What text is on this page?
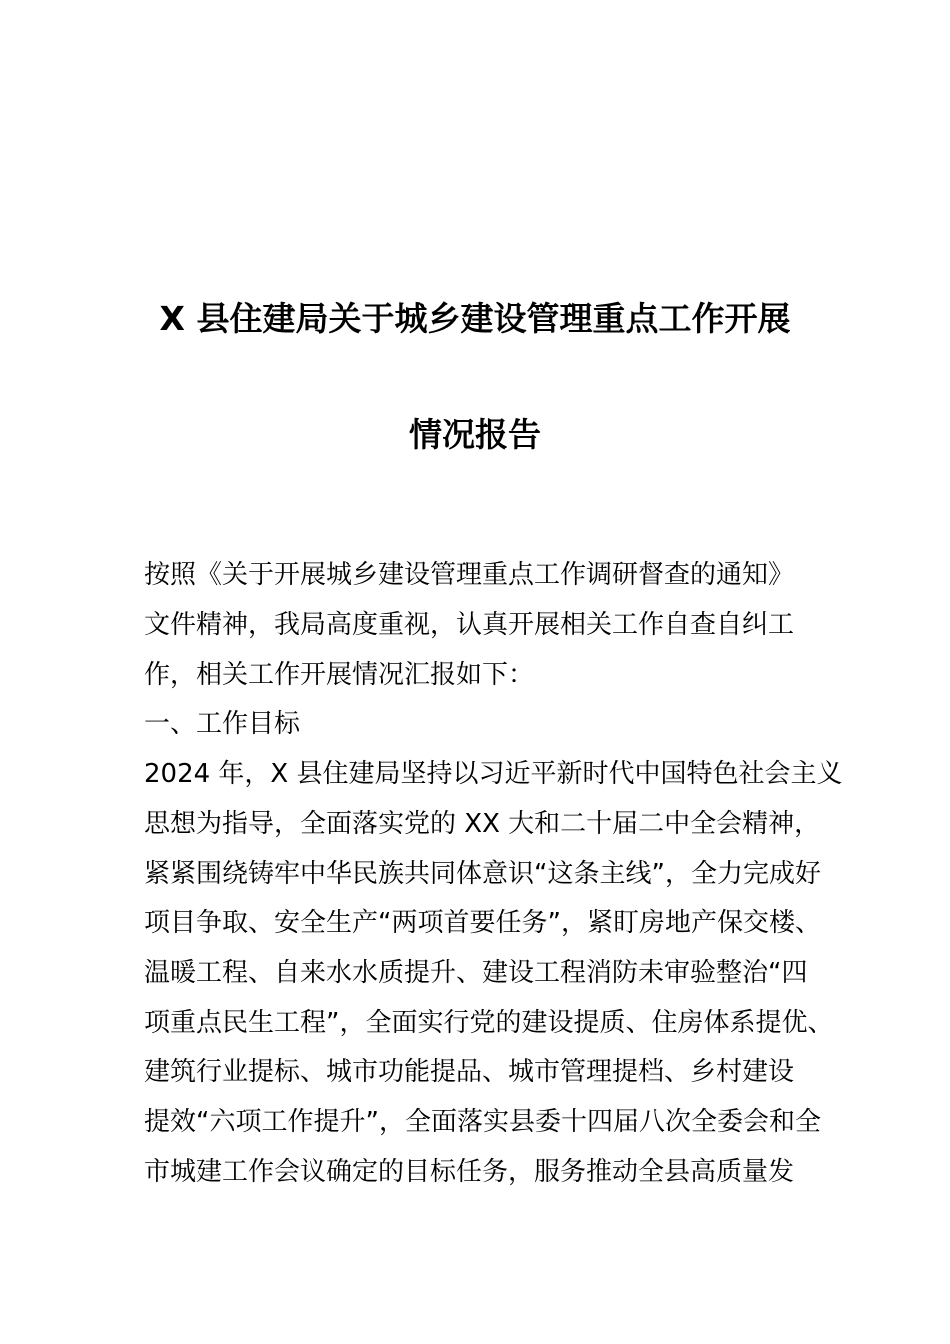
X 县住建局关于城乡建设管理重点工作开展
情况报告
按照《关于开展城乡建设管理重点工作调研督查的通知》
文件精神，我局高度重视，认真开展相关工作自查自纠工
作，相关工作开展情况汇报如下：
一、工作目标
2024 年，X 县住建局坚持以习近平新时代中国特色社会主义
思想为指导，全面落实党的 XX 大和二十届二中全会精神，
紧紧围绕铸牢中华民族共同体意识“这条主线”，全力完成好
项目争取、安全生产“两项首要任务”，紧盯房地产保交楼、
温暖工程、自来水水质提升、建设工程消防未审验整治“四
项重点民生工程”，全面实行党的建设提质、住房体系提优、
建筑行业提标、城市功能提品、城市管理提档、乡村建设
提效“六项工作提升”，全面落实县委十四届八次全委会和全
市城建工作会议确定的目标任务，服务推动全县高质量发
